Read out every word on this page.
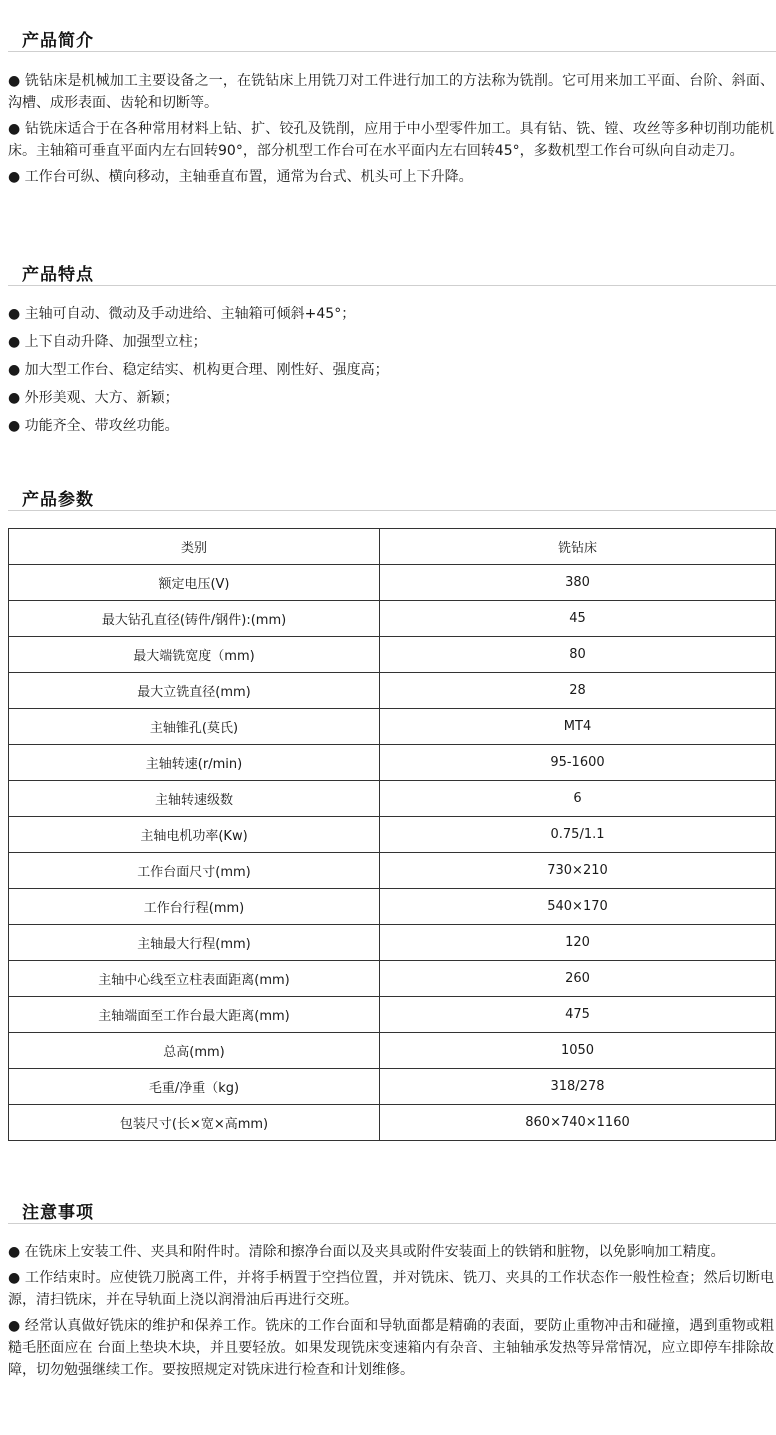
产品简介

● 铣钻床是机械加工主要设备之一，在铣钻床上用铣刀对工件进行加工的方法称为铣削。它可用来加工平面、台阶、斜面、沟槽、成形表面、齿轮和切断等。

● 钻铣床适合于在各种常用材料上钻、扩、铰孔及铣削，应用于中小型零件加工。具有钻、铣、镗、攻丝等多种切削功能机床。主轴箱可垂直平面内左右回转90°，部分机型工作台可在水平面内左右回转45°，多数机型工作台可纵向自动走刀。

● 工作台可纵、横向移动，主轴垂直布置，通常为台式、机头可上下升降。

产品特点

● 主轴可自动、微动及手动进给、主轴箱可倾斜+45°；

● 上下自动升降、加强型立柱；

● 加大型工作台、稳定结实、机构更合理、刚性好、强度高；

● 外形美观、大方、新颖；

● 功能齐全、带攻丝功能。

产品参数
类别	铣钻床
额定电压(V)	380
最大钻孔直径(铸件/钢件):(mm)	45
最大端铣宽度（mm)	80
最大立铣直径(mm)	28
主轴锥孔(莫氏)	MT4
主轴转速(r/min)	95-1600
主轴转速级数	6
主轴电机功率(Kw)	0.75/1.1
工作台面尺寸(mm)	730×210
工作台行程(mm)	540×170
主轴最大行程(mm)	120
主轴中心线至立柱表面距离(mm)	260
主轴端面至工作台最大距离(mm)	475
总高(mm)	1050
毛重/净重（kg)	318/278
包装尺寸(长×宽×高mm)	860×740×1160
注意事项

● 在铣床上安装工件、夹具和附件时。清除和擦净台面以及夹具或附件安装面上的铁销和脏物，以免影响加工精度。

● 工作结束时。应使铣刀脱离工件，并将手柄置于空挡位置，并对铣床、铣刀、夹具的工作状态作一般性检查；然后切断电源，清扫铣床，并在导轨面上浇以润滑油后再进行交班。

● 经常认真做好铣床的维护和保养工作。铣床的工作台面和导轨面都是精确的表面，要防止重物冲击和碰撞，遇到重物或粗糙毛胚面应在 台面上垫块木块，并且要轻放。如果发现铣床变速箱内有杂音、主轴轴承发热等异常情况，应立即停车排除故障，切勿勉强继续工作。要按照规定对铣床进行检查和计划维修。
